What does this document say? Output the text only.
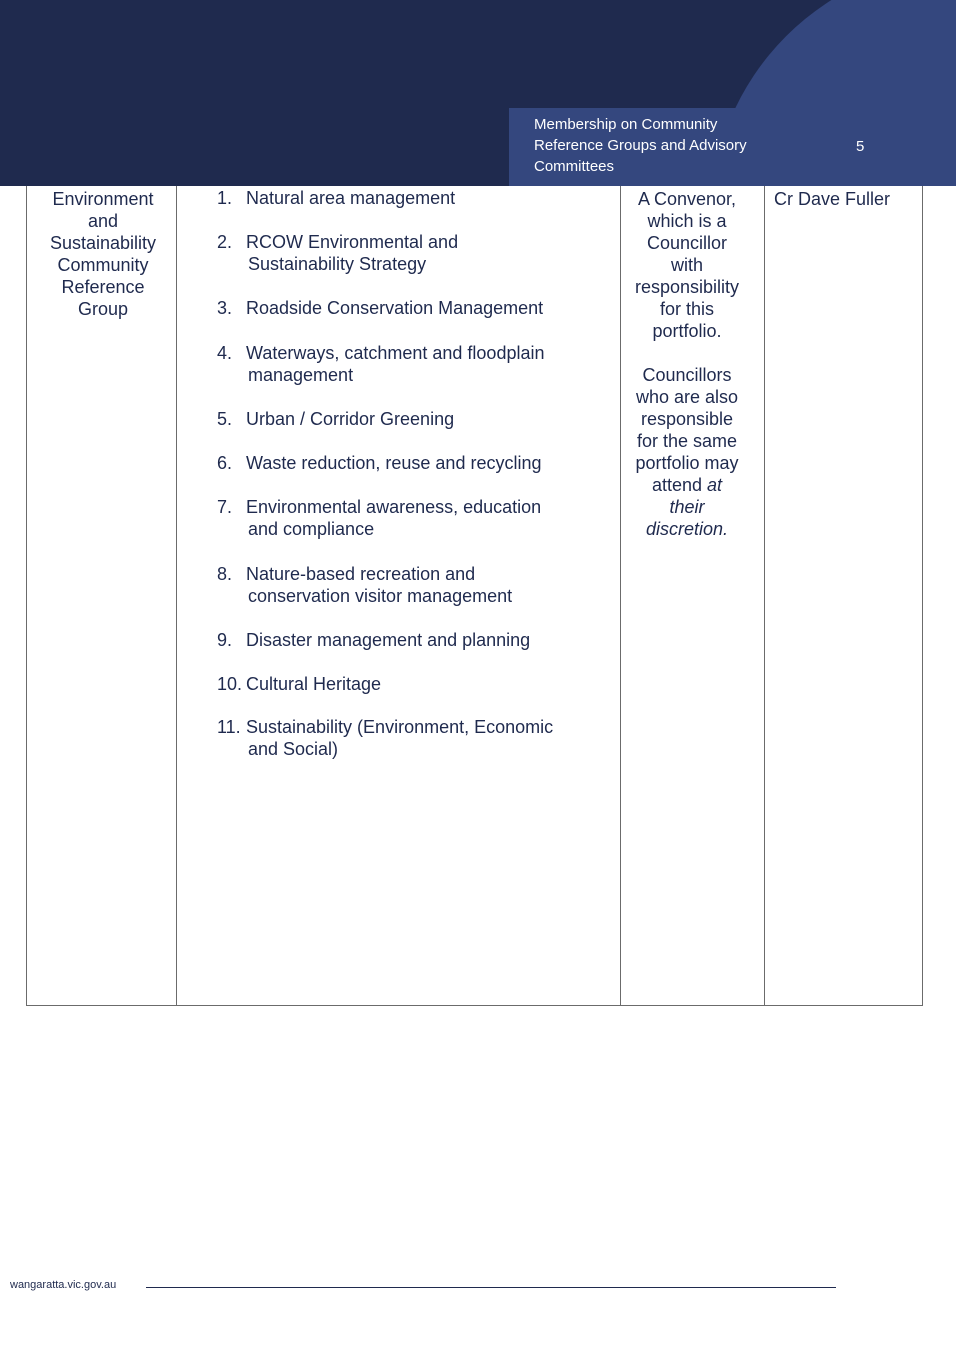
Membership on Community
Reference Groups and Advisory
Committees
5
Environment
and
Sustainability
Community
Reference
Group
1. Natural area management
2. RCOW Environmental and
Sustainability Strategy
3. Roadside Conservation Management
4. Waterways, catchment and floodplain
management
5. Urban / Corridor Greening
6. Waste reduction, reuse and recycling
7. Environmental awareness, education
and compliance
8. Nature-based recreation and
conservation visitor management
9. Disaster management and planning
10. Cultural Heritage
11. Sustainability (Environment, Economic
and Social)
A Convenor,
which is a
Councillor
with
responsibility
for this
portfolio.
Councillors
who are also
responsible
for the same
portfolio may
attend at
their
discretion.
Cr Dave Fuller
wangaratta.vic.gov.au
